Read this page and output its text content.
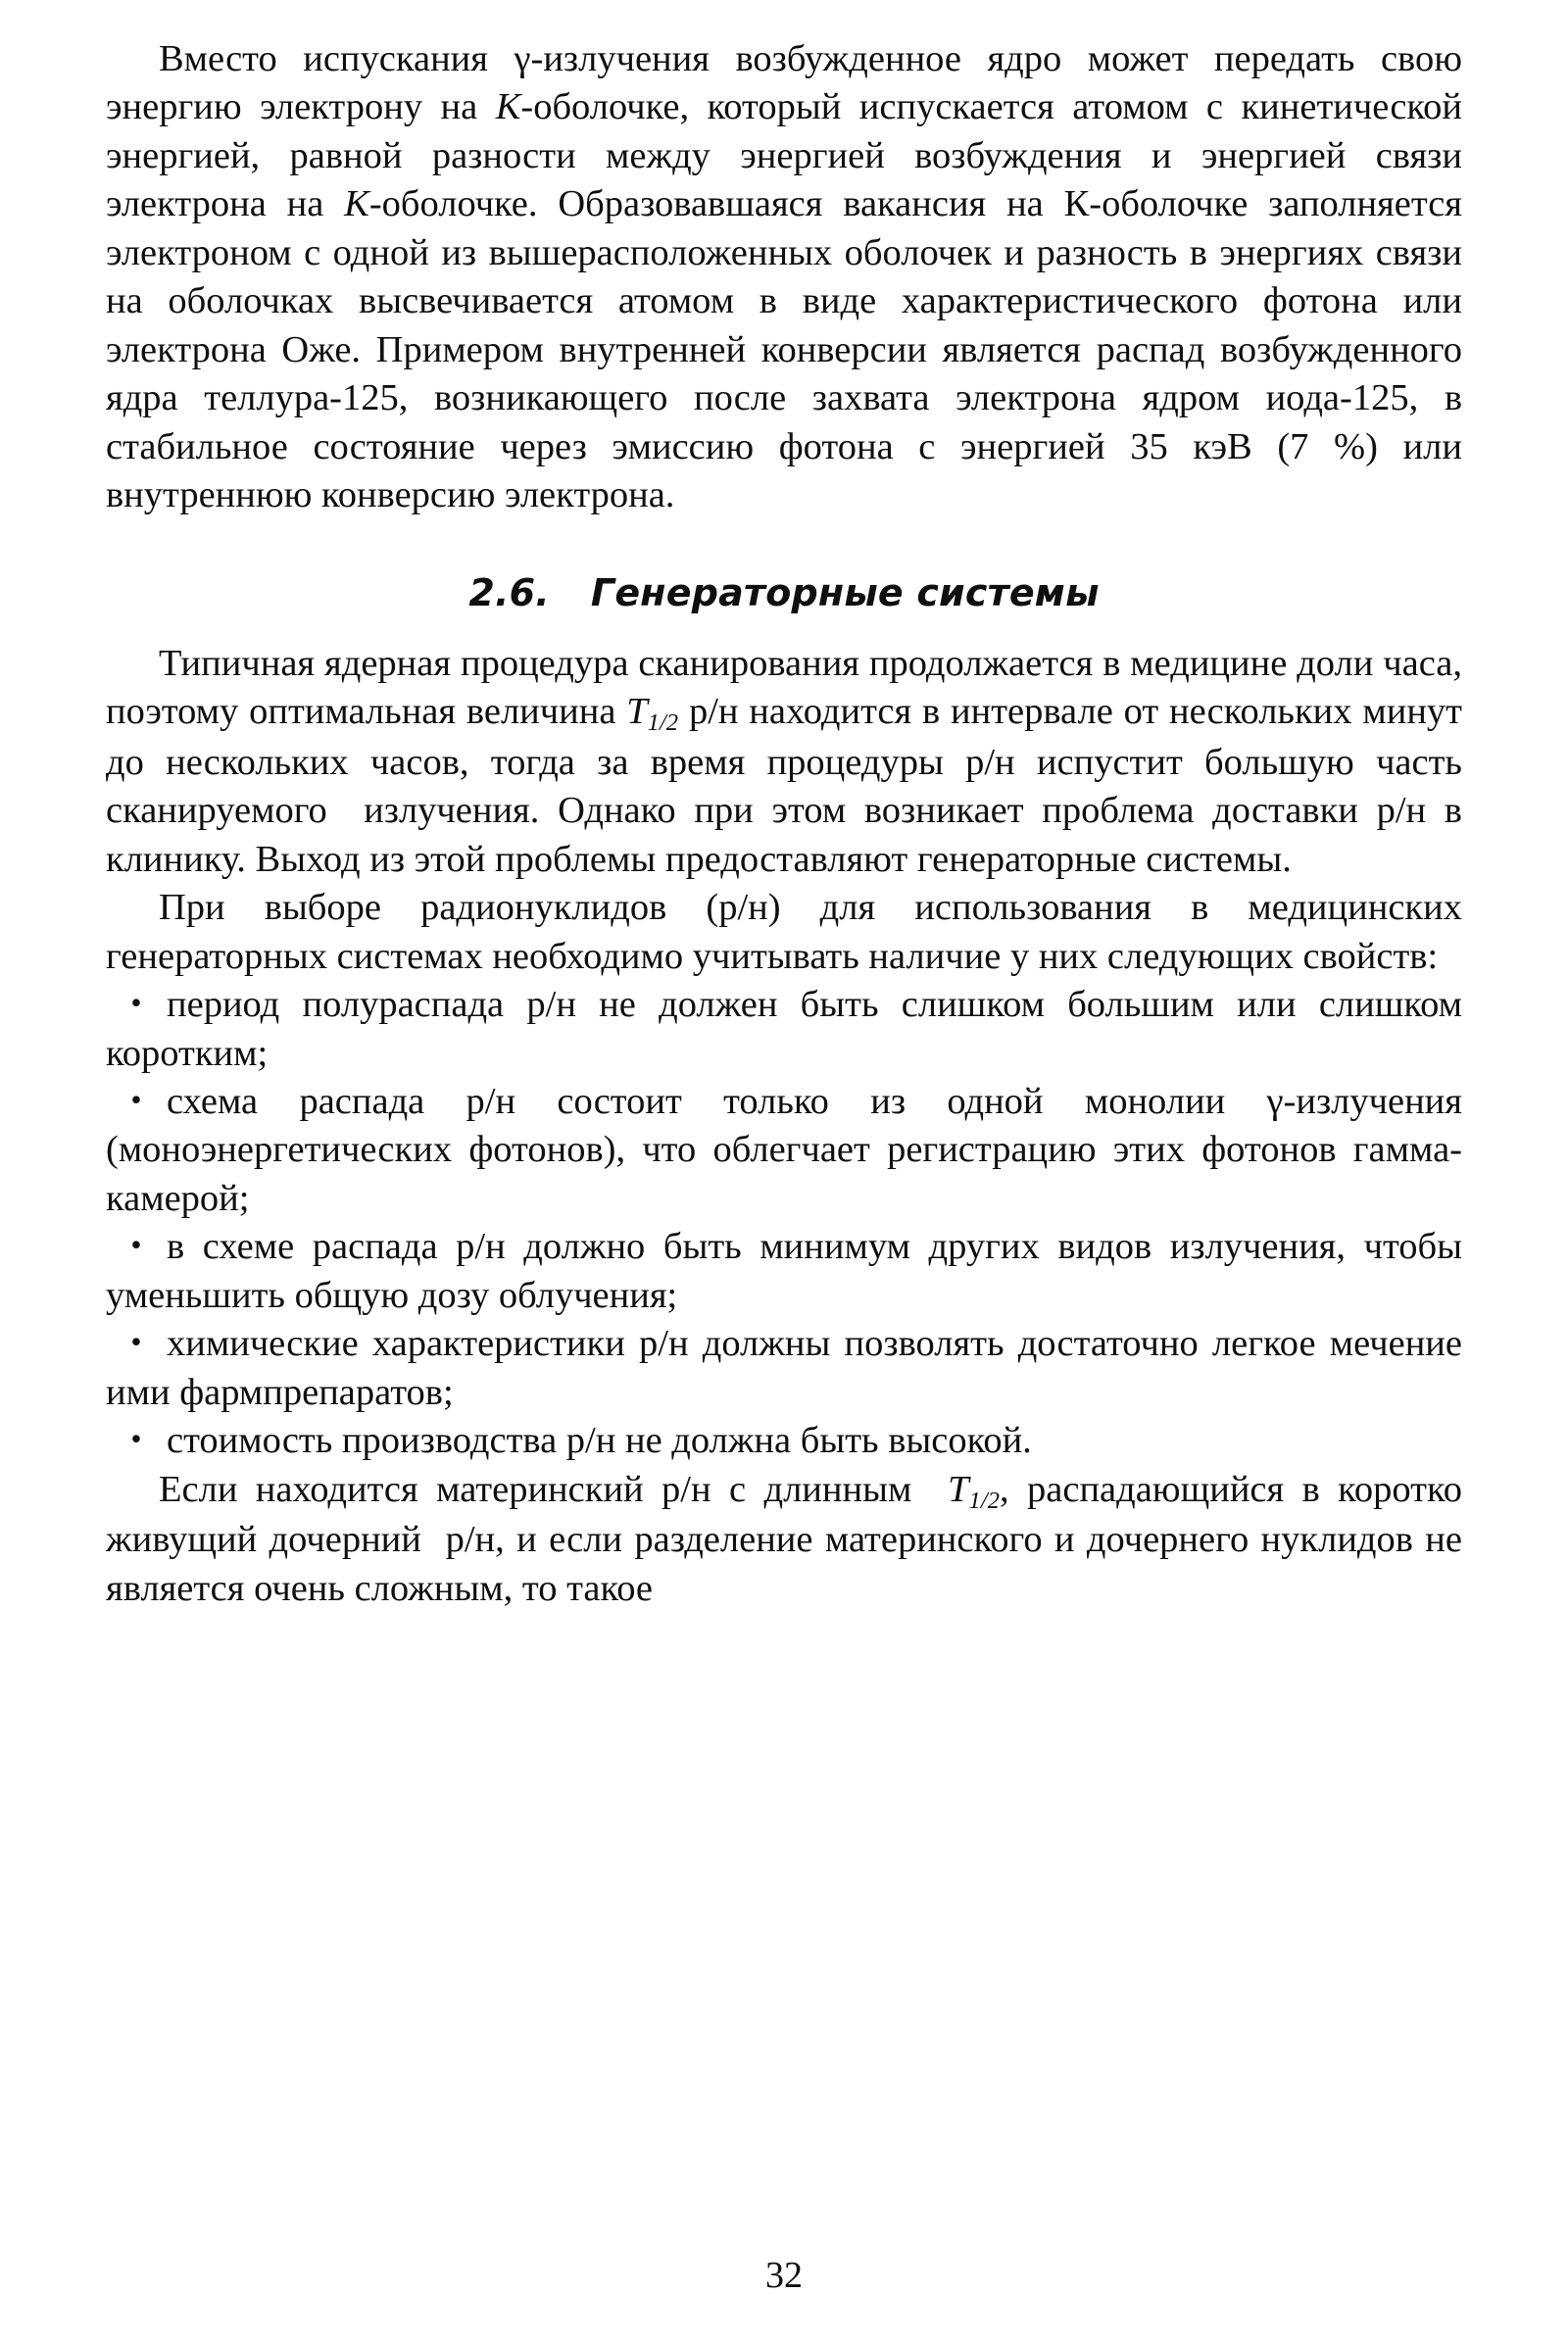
Вместо испускания γ-излучения возбужденное ядро может передать свою энергию электрону на K-оболочке, который испускается атомом с кинетической энергией, равной разности между энергией возбуждения и энергией связи электрона на K-оболочке. Образовавшаяся вакансия на К-оболочке заполняется электроном с одной из вышерасположенных оболочек и разность в энергиях связи на оболочках высвечивается атомом в виде характеристического фотона или электрона Оже. Примером внутренней конверсии является распад возбужденного ядра теллура-125, возникающего после захвата электрона ядром иода-125, в стабильное состояние через эмиссию фотона с энергией 35 кэВ (7 %) или внутреннюю конверсию электрона.

2.6. Генераторные системы

Типичная ядерная процедура сканирования продолжается в медицине доли часа, поэтому оптимальная величина $T_{1/2}$ р/н находится в интервале от нескольких минут до нескольких часов, тогда за время процедуры р/н испустит большую часть сканируемого  излучения. Однако при этом возникает проблема доставки р/н в клинику. Выход из этой проблемы предоставляют генераторные системы.

При выборе радионуклидов (р/н) для использования в медицинских генераторных системах необходимо учитывать наличие у них следующих свойств:

• период полураспада р/н не должен быть слишком большим или слишком коротким;
• схема распада р/н состоит только из одной монолии γ-излучения (моноэнергетических фотонов), что облегчает регистрацию этих фотонов гамма-камерой;
• в схеме распада р/н должно быть минимум других видов излучения, чтобы уменьшить общую дозу облучения;
• химические характеристики р/н должны позволять достаточно легкое мечение ими фармпрепаратов;
• стоимость производства р/н не должна быть высокой.

Если находится материнский р/н с длинным  $T_{1/2}$, распадающийся в коротко живущий дочерний  р/н, и если разделение материнского и дочернего нуклидов не является очень сложным, то такое

32
